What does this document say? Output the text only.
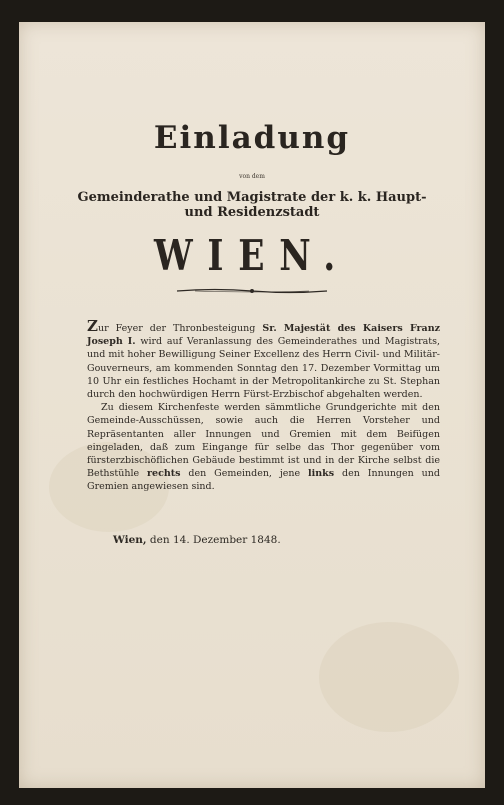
Einladung
von dem
Gemeinderathe und Magistrate der k. k. Haupt-
und Residenzstadt
WIEN.

Zur Feyer der Thronbesteigung Sr. Majestät des Kaisers Franz Joseph I. wird auf Veranlassung des Gemeinderathes und Magistrats, und mit hoher Bewilligung Seiner Excellenz des Herrn Civil- und Militär-Gouverneurs, am kommenden Sonntag den 17. Dezember Vormittag um 10 Uhr ein festliches Hochamt in der Metropolitankirche zu St. Stephan durch den hochwürdigen Herrn Fürst-Erzbischof abgehalten werden.

Zu diesem Kirchenfeste werden sämmtliche Grundgerichte mit den Gemeinde-Ausschüssen, sowie auch die Herren Vorsteher und Repräsentanten aller Innungen und Gremien mit dem Beifügen eingeladen, daß zum Eingange für selbe das Thor gegenüber vom fürsterzbischöflichen Gebäude bestimmt ist und in der Kirche selbst die Bethstühle rechts den Gemeinden, jene links den Innungen und Gremien angewiesen sind.

Wien, den 14. Dezember 1848.
